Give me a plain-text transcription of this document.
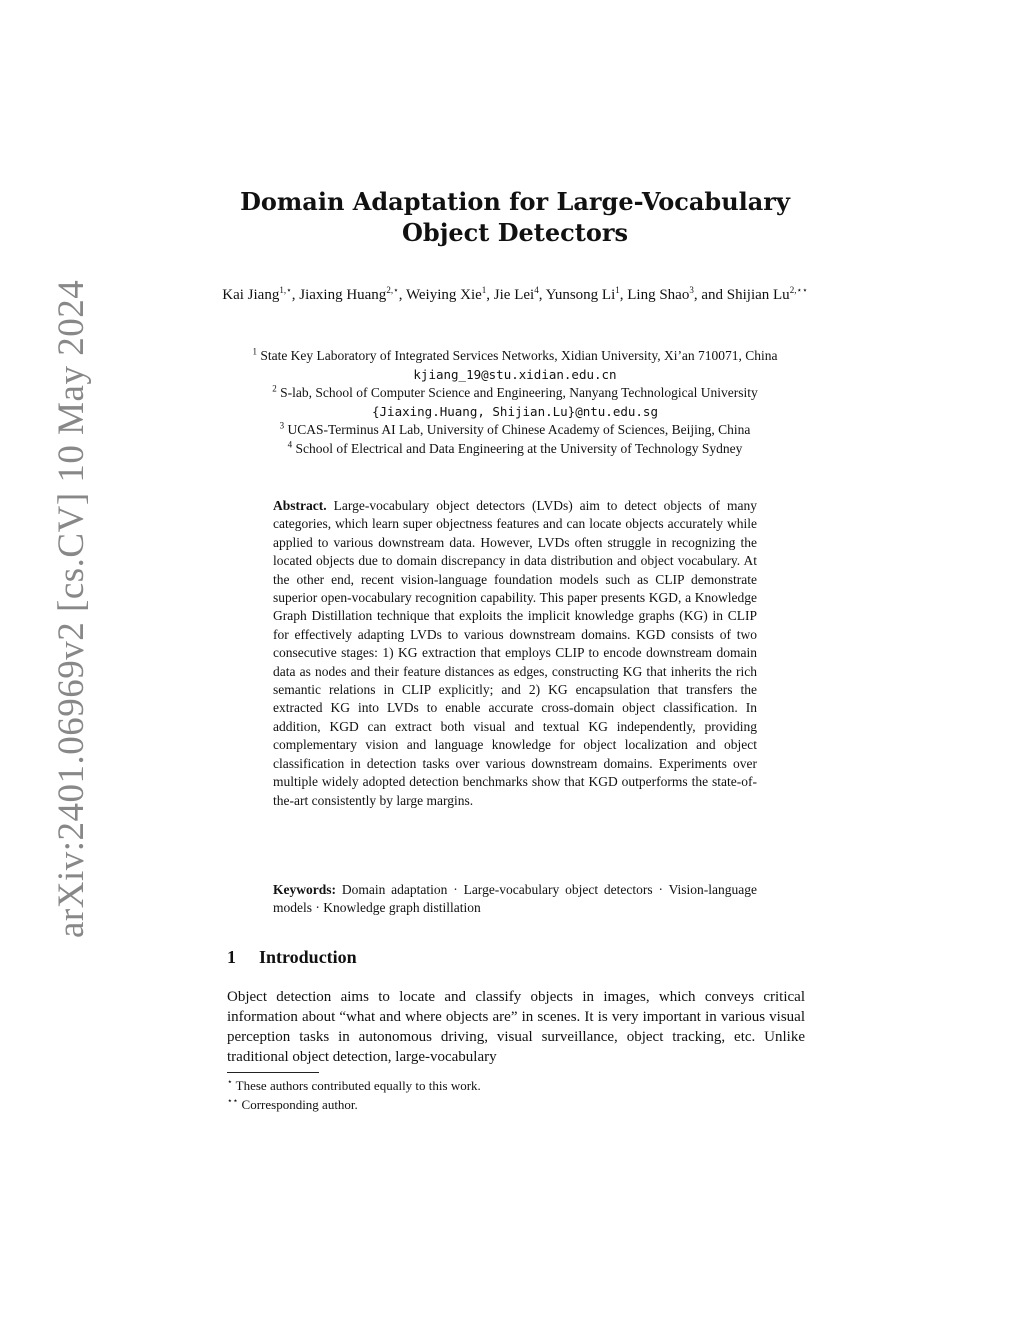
arXiv:2401.06969v2 [cs.CV] 10 May 2024
Domain Adaptation for Large-Vocabulary Object Detectors
Kai Jiang$^{1,⋆}$, Jiaxing Huang$^{2,⋆}$, Weiying Xie$^1$, Jie Lei$^4$, Yunsong Li$^1$, Ling Shao$^3$, and Shijian $Lu^{2,⋆⋆}$
$^1$ State Key Laboratory of Integrated Services Networks, Xidian University, Xi’an 710071, China kjiang_19@stu.xidian.edu.cn
$^2$ S-lab, School of Computer Science and Engineering, Nanyang Technological University {Jiaxing.Huang, Shijian.Lu}@ntu.edu.sg
$^3$ UCAS-Terminus AI Lab, University of Chinese Academy of Sciences, Beijing, China
$^4$ School of Electrical and Data Engineering at the University of Technology Sydney
Abstract. Large-vocabulary object detectors (LVDs) aim to detect objects of many categories, which learn super objectness features and can locate objects accurately while applied to various downstream data. However, LVDs often struggle in recognizing the located objects due to domain discrepancy in data distribution and object vocabulary. At the other end, recent vision-language foundation models such as CLIP demonstrate superior open-vocabulary recognition capability. This paper presents KGD, a Knowledge Graph Distillation technique that exploits the implicit knowledge graphs (KG) in CLIP for effectively adapting LVDs to various downstream domains. KGD consists of two consecutive stages: 1) KG extraction that employs CLIP to encode downstream domain data as nodes and their feature distances as edges, constructing KG that inherits the rich semantic relations in CLIP explicitly; and 2) KG encapsulation that transfers the extracted KG into LVDs to enable accurate cross-domain object classification. In addition, KGD can extract both visual and textual KG independently, providing complementary vision and language knowledge for object localization and object classification in detection tasks over various downstream domains. Experiments over multiple widely adopted detection benchmarks show that KGD outperforms the state-of-the-art consistently by large margins.
Keywords: Domain adaptation · Large-vocabulary object detectors · Vision-language models · Knowledge graph distillation
1 Introduction
Object detection aims to locate and classify objects in images, which conveys critical information about “what and where objects are” in scenes. It is very important in various visual perception tasks in autonomous driving, visual surveillance, object tracking, etc. Unlike traditional object detection, large-vocabulary
⋆ These authors contributed equally to this work.
⋆⋆ Corresponding author.
